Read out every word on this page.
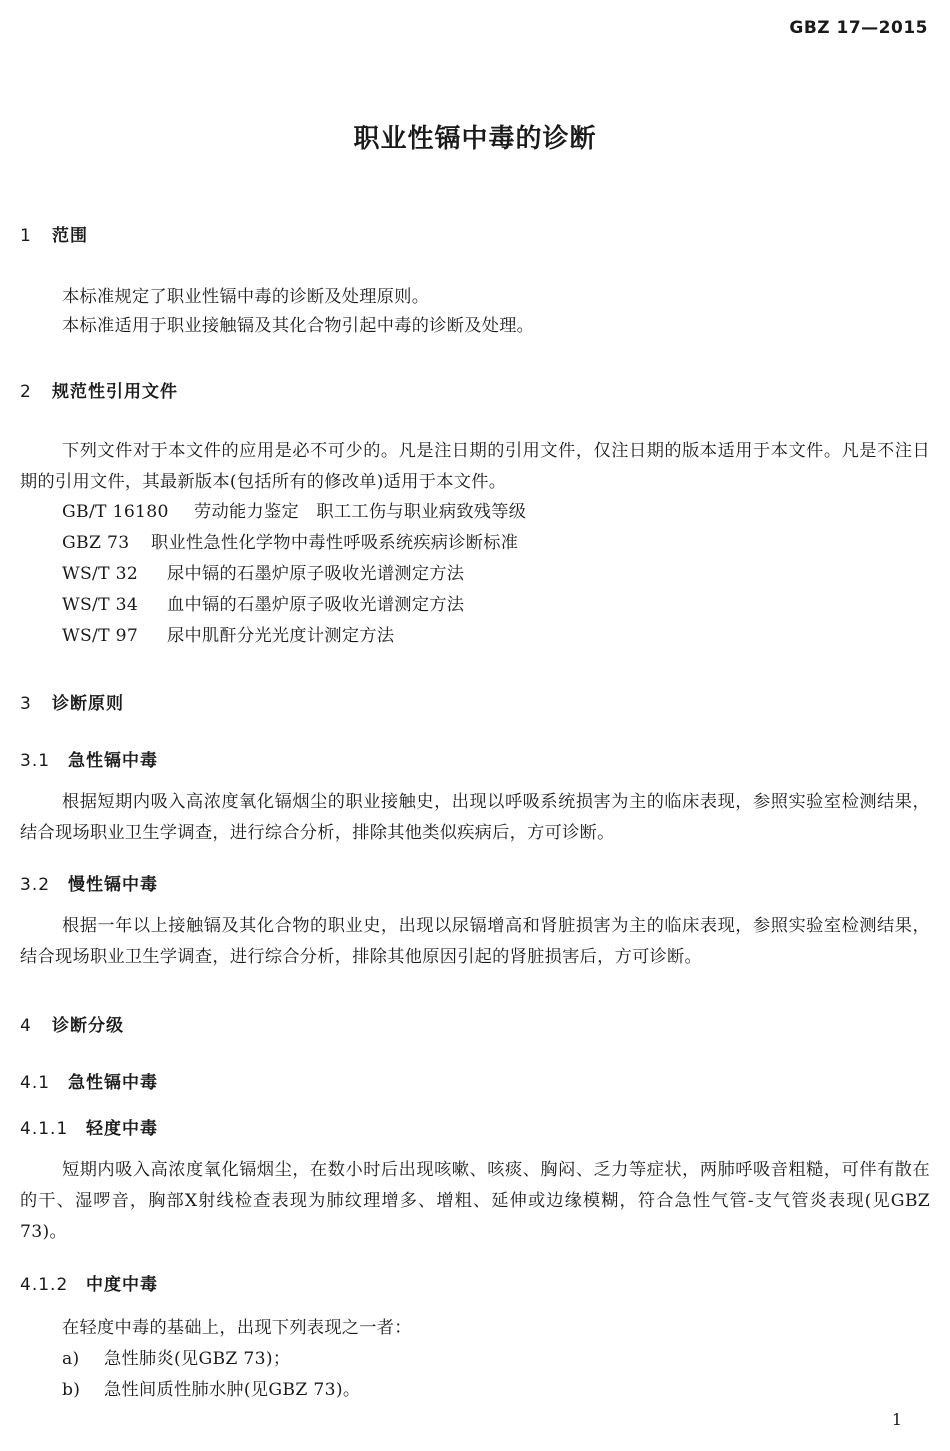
GBZ 17—2015
职业性镉中毒的诊断
1 范围
本标准规定了职业性镉中毒的诊断及处理原则。
本标准适用于职业接触镉及其化合物引起中毒的诊断及处理。
2 规范性引用文件
下列文件对于本文件的应用是必不可少的。凡是注日期的引用文件，仅注日期的版本适用于本文件。凡是不注日期的引用文件，其最新版本(包括所有的修改单)适用于本文件。
GB/T 16180 劳动能力鉴定　职工工伤与职业病致残等级
GBZ 73 职业性急性化学物中毒性呼吸系统疾病诊断标准
WS/T 32 尿中镉的石墨炉原子吸收光谱测定方法
WS/T 34 血中镉的石墨炉原子吸收光谱测定方法
WS/T 97 尿中肌酐分光光度计测定方法
3 诊断原则
3.1 急性镉中毒
根据短期内吸入高浓度氧化镉烟尘的职业接触史，出现以呼吸系统损害为主的临床表现，参照实验室检测结果，结合现场职业卫生学调查，进行综合分析，排除其他类似疾病后，方可诊断。
3.2 慢性镉中毒
根据一年以上接触镉及其化合物的职业史，出现以尿镉增高和肾脏损害为主的临床表现，参照实验室检测结果，结合现场职业卫生学调查，进行综合分析，排除其他原因引起的肾脏损害后，方可诊断。
4 诊断分级
4.1 急性镉中毒
4.1.1 轻度中毒
短期内吸入高浓度氧化镉烟尘，在数小时后出现咳嗽、咳痰、胸闷、乏力等症状，两肺呼吸音粗糙，可伴有散在的干、湿啰音，胸部X射线检查表现为肺纹理增多、增粗、延伸或边缘模糊，符合急性气管-支气管炎表现(见GBZ 73)。
4.1.2 中度中毒
在轻度中毒的基础上，出现下列表现之一者：
a) 急性肺炎(见GBZ 73)；
b) 急性间质性肺水肿(见GBZ 73)。
1
